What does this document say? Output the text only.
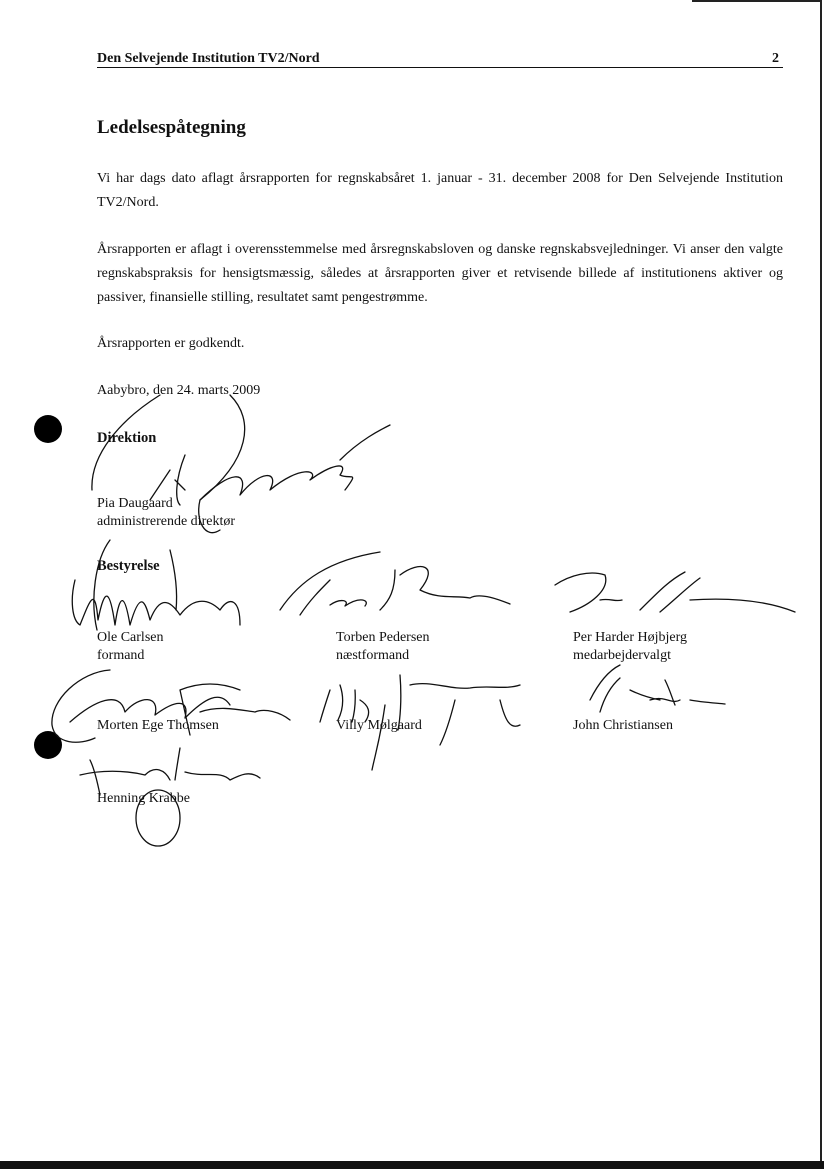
Den Selvejende Institution TV2/Nord	2
Ledelsespåtegning
Vi har dags dato aflagt årsrapporten for regnskabsåret 1. januar - 31. december 2008 for Den Selvejende Institution TV2/Nord.
Årsrapporten er aflagt i overensstemmelse med årsregnskabsloven og danske regnskabsvejledninger. Vi anser den valgte regnskabspraksis for hensigtsmæssig, således at årsrapporten giver et retvisende billede af institutionens aktiver og passiver, finansielle stilling, resultatet samt pengestrømme.
Årsrapporten er godkendt.
Aabybro, den 24. marts 2009
Direktion
Pia Daugaard
administrerende direktør
Bestyrelse
Ole Carlsen
formand
Torben Pedersen
næstformand
Per Harder Højbjerg
medarbejdervalgt
Morten Ege Thomsen	Villy Mølgaard	John Christiansen
Henning Krabbe
